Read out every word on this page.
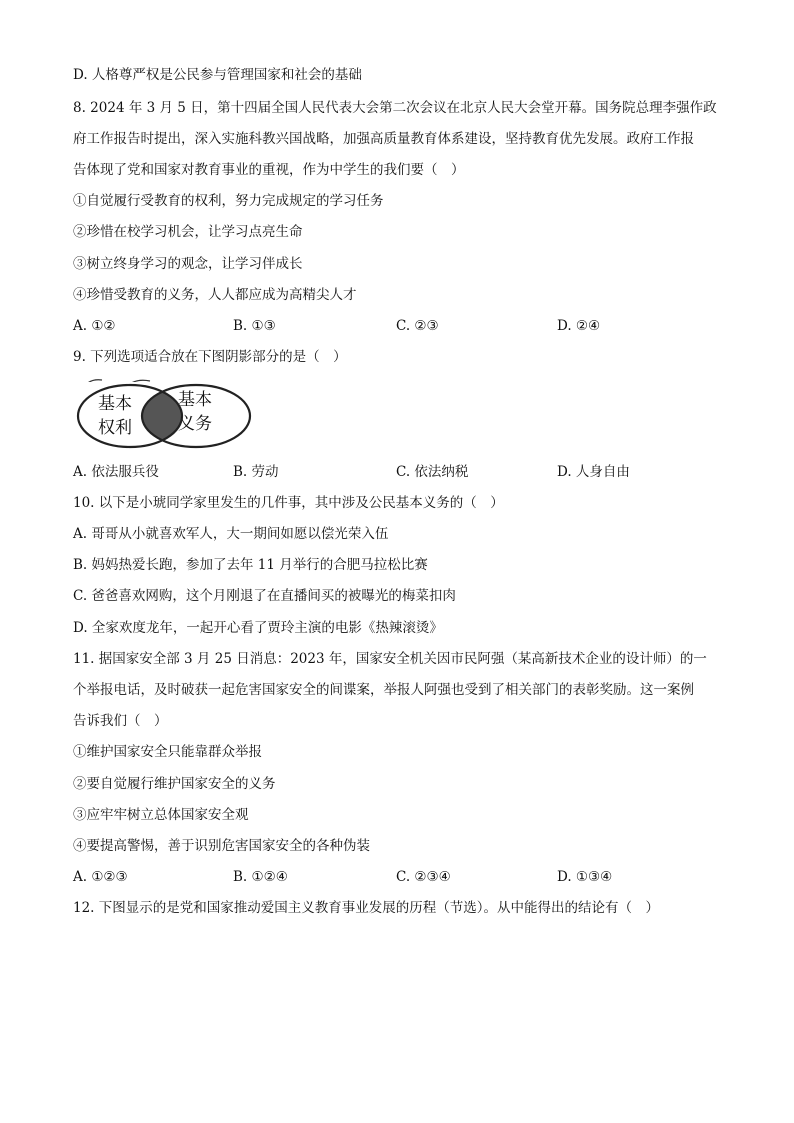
D. 人格尊严权是公民参与管理国家和社会的基础
8. 2024 年 3 月 5 日，第十四届全国人民代表大会第二次会议在北京人民大会堂开幕。国务院总理李强作政
府工作报告时提出，深入实施科教兴国战略，加强高质量教育体系建设，坚持教育优先发展。政府工作报
告体现了党和国家对教育事业的重视，作为中学生的我们要（　）
①自觉履行受教育的权利，努力完成规定的学习任务
②珍惜在校学习机会，让学习点亮生命
③树立终身学习的观念，让学习伴成长
④珍惜受教育的义务，人人都应成为高精尖人才
A. ①②	B. ①③	C. ②③	D. ②④
9. 下列选项适合放在下图阴影部分的是（　）
基本
权利
基本
义务
A. 依法服兵役	B. 劳动	C. 依法纳税	D. 人身自由
10. 以下是小琥同学家里发生的几件事，其中涉及公民基本义务的（　）
A. 哥哥从小就喜欢军人，大一期间如愿以偿光荣入伍
B. 妈妈热爱长跑，参加了去年 11 月举行的合肥马拉松比赛
C. 爸爸喜欢网购，这个月刚退了在直播间买的被曝光的梅菜扣肉
D. 全家欢度龙年，一起开心看了贾玲主演的电影《热辣滚烫》
11. 据国家安全部 3 月 25 日消息：2023 年，国家安全机关因市民阿强（某高新技术企业的设计师）的一
个举报电话，及时破获一起危害国家安全的间谍案，举报人阿强也受到了相关部门的表彰奖励。这一案例
告诉我们（　）
①维护国家安全只能靠群众举报
②要自觉履行维护国家安全的义务
③应牢牢树立总体国家安全观
④要提高警惕，善于识别危害国家安全的各种伪装
A. ①②③	B. ①②④	C. ②③④	D. ①③④
12. 下图显示的是党和国家推动爱国主义教育事业发展的历程（节选）。从中能得出的结论有（　）
